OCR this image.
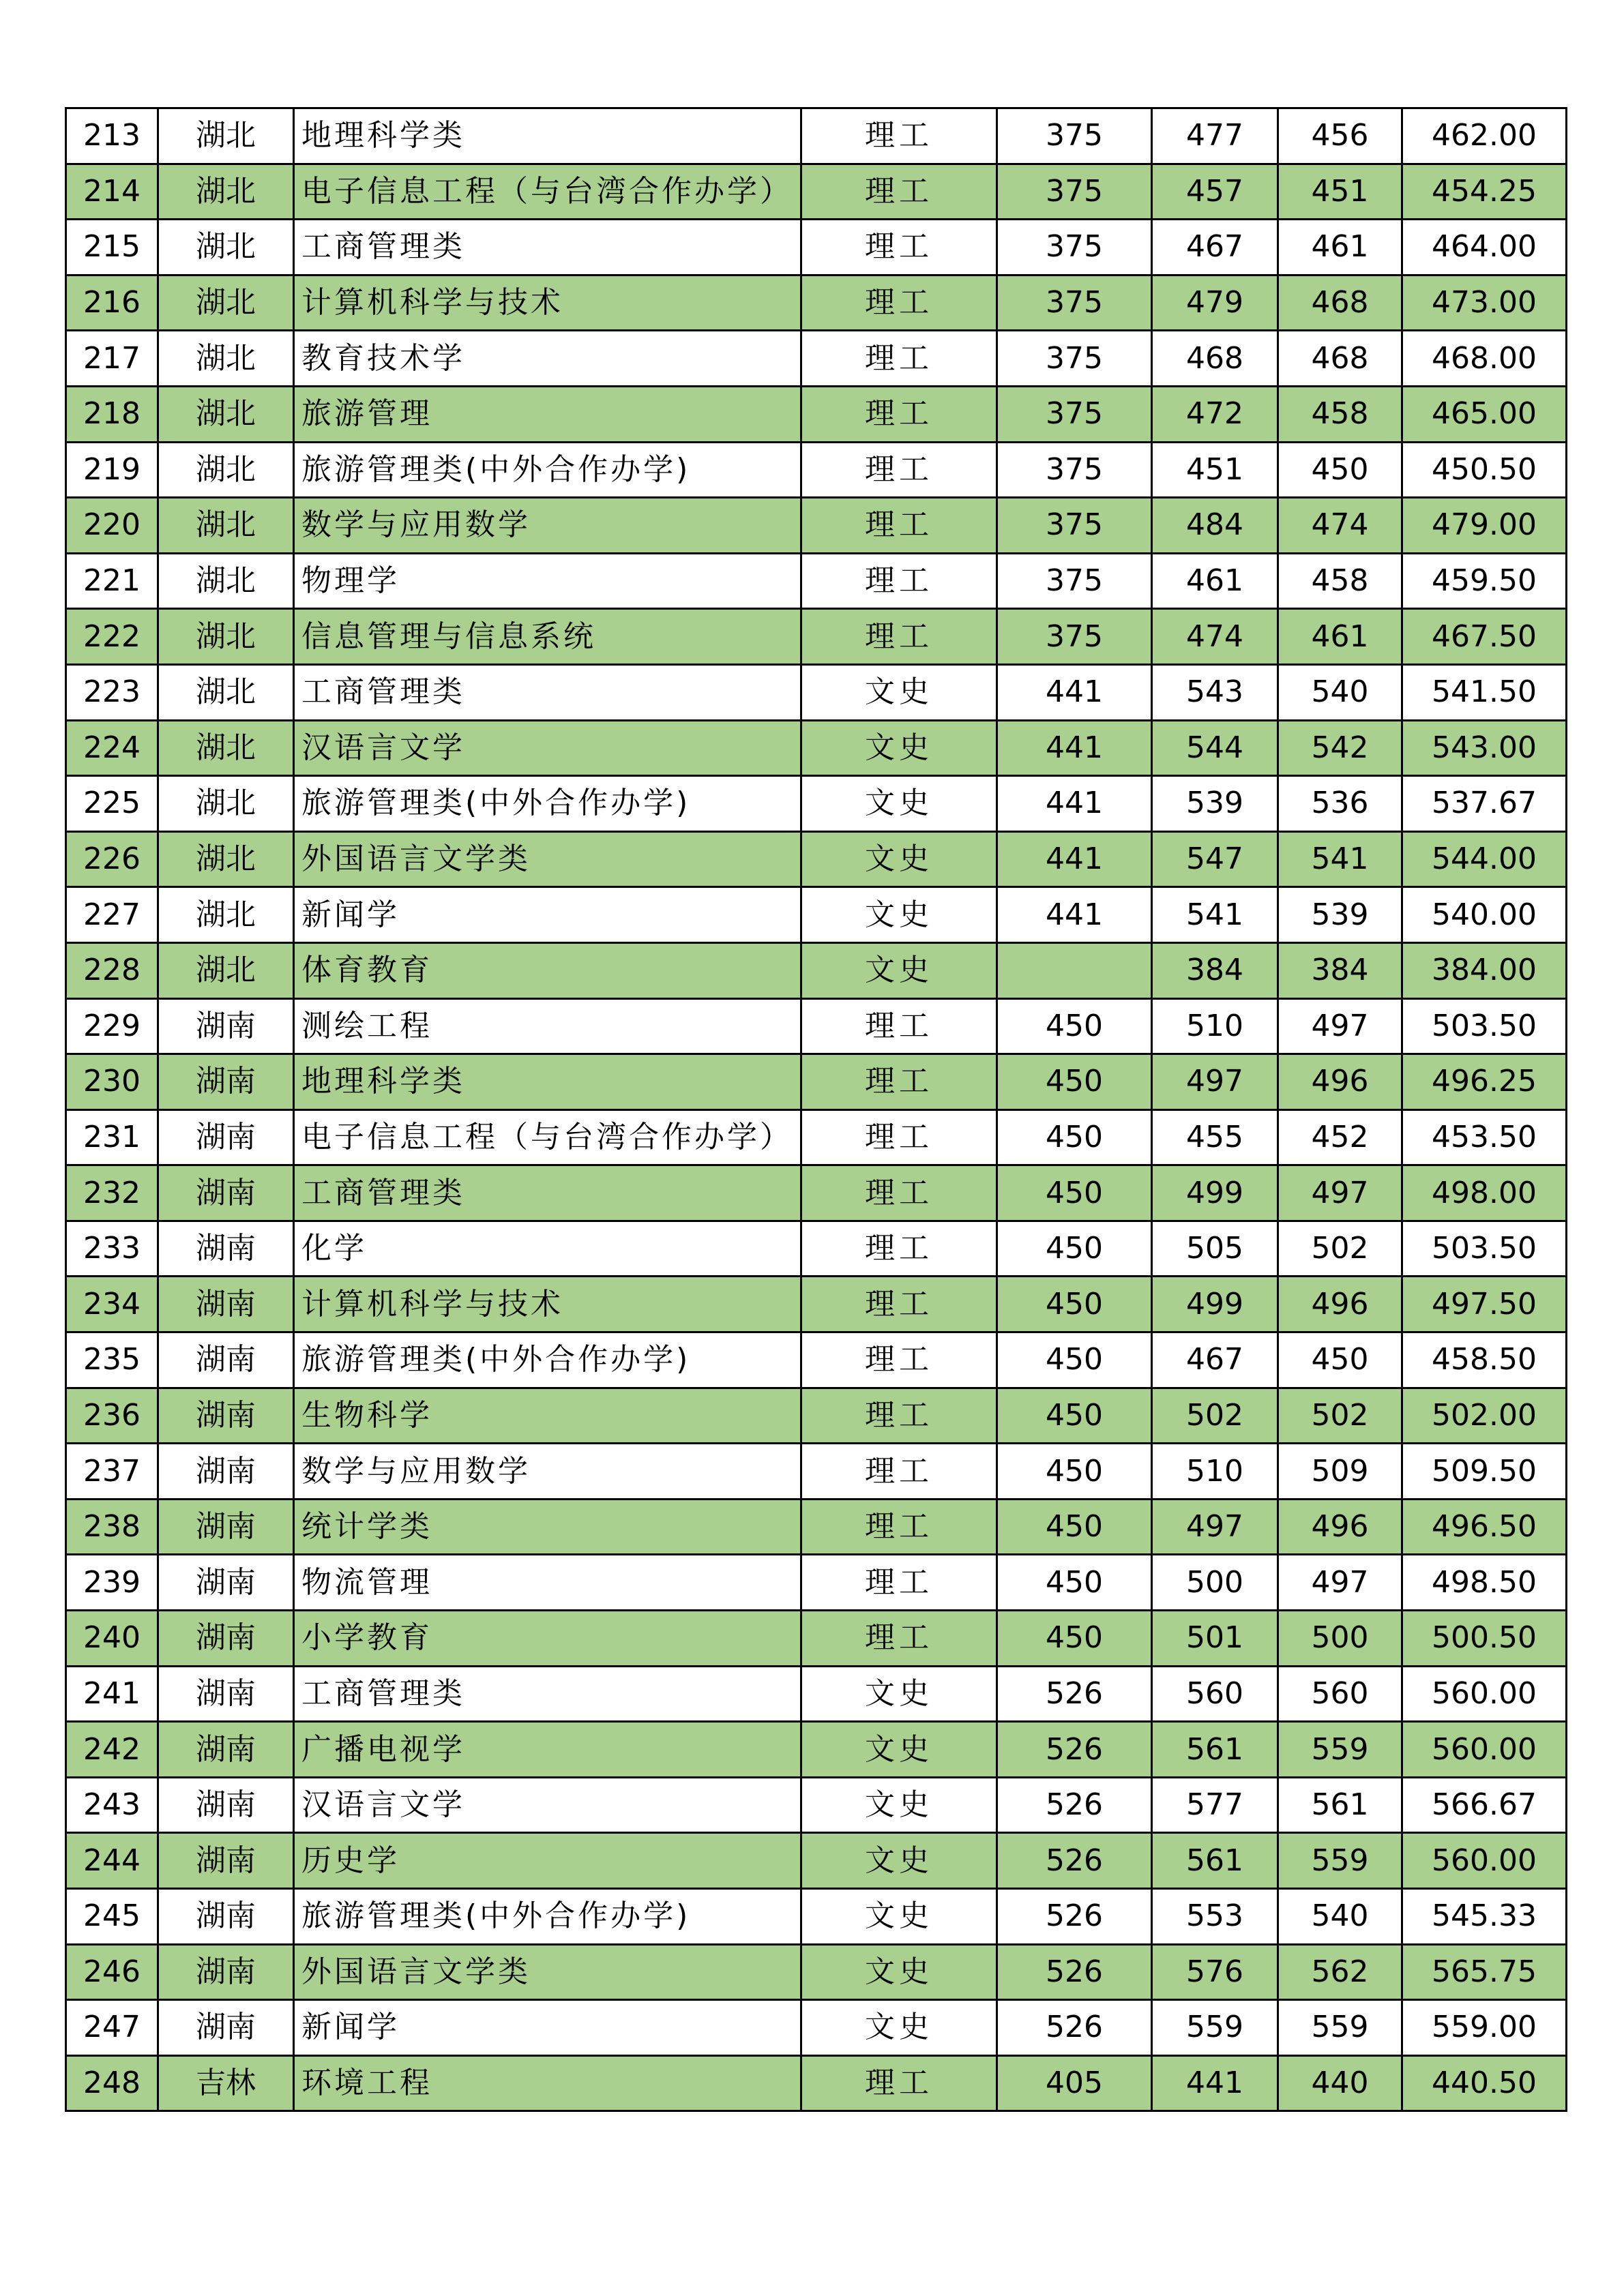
213	湖北	地理科学类	理工	375	477	456	462.00
214	湖北	电子信息工程（与台湾合作办学）	理工	375	457	451	454.25
215	湖北	工商管理类	理工	375	467	461	464.00
216	湖北	计算机科学与技术	理工	375	479	468	473.00
217	湖北	教育技术学	理工	375	468	468	468.00
218	湖北	旅游管理	理工	375	472	458	465.00
219	湖北	旅游管理类(中外合作办学)	理工	375	451	450	450.50
220	湖北	数学与应用数学	理工	375	484	474	479.00
221	湖北	物理学	理工	375	461	458	459.50
222	湖北	信息管理与信息系统	理工	375	474	461	467.50
223	湖北	工商管理类	文史	441	543	540	541.50
224	湖北	汉语言文学	文史	441	544	542	543.00
225	湖北	旅游管理类(中外合作办学)	文史	441	539	536	537.67
226	湖北	外国语言文学类	文史	441	547	541	544.00
227	湖北	新闻学	文史	441	541	539	540.00
228	湖北	体育教育	文史		384	384	384.00
229	湖南	测绘工程	理工	450	510	497	503.50
230	湖南	地理科学类	理工	450	497	496	496.25
231	湖南	电子信息工程（与台湾合作办学）	理工	450	455	452	453.50
232	湖南	工商管理类	理工	450	499	497	498.00
233	湖南	化学	理工	450	505	502	503.50
234	湖南	计算机科学与技术	理工	450	499	496	497.50
235	湖南	旅游管理类(中外合作办学)	理工	450	467	450	458.50
236	湖南	生物科学	理工	450	502	502	502.00
237	湖南	数学与应用数学	理工	450	510	509	509.50
238	湖南	统计学类	理工	450	497	496	496.50
239	湖南	物流管理	理工	450	500	497	498.50
240	湖南	小学教育	理工	450	501	500	500.50
241	湖南	工商管理类	文史	526	560	560	560.00
242	湖南	广播电视学	文史	526	561	559	560.00
243	湖南	汉语言文学	文史	526	577	561	566.67
244	湖南	历史学	文史	526	561	559	560.00
245	湖南	旅游管理类(中外合作办学)	文史	526	553	540	545.33
246	湖南	外国语言文学类	文史	526	576	562	565.75
247	湖南	新闻学	文史	526	559	559	559.00
248	吉林	环境工程	理工	405	441	440	440.50
